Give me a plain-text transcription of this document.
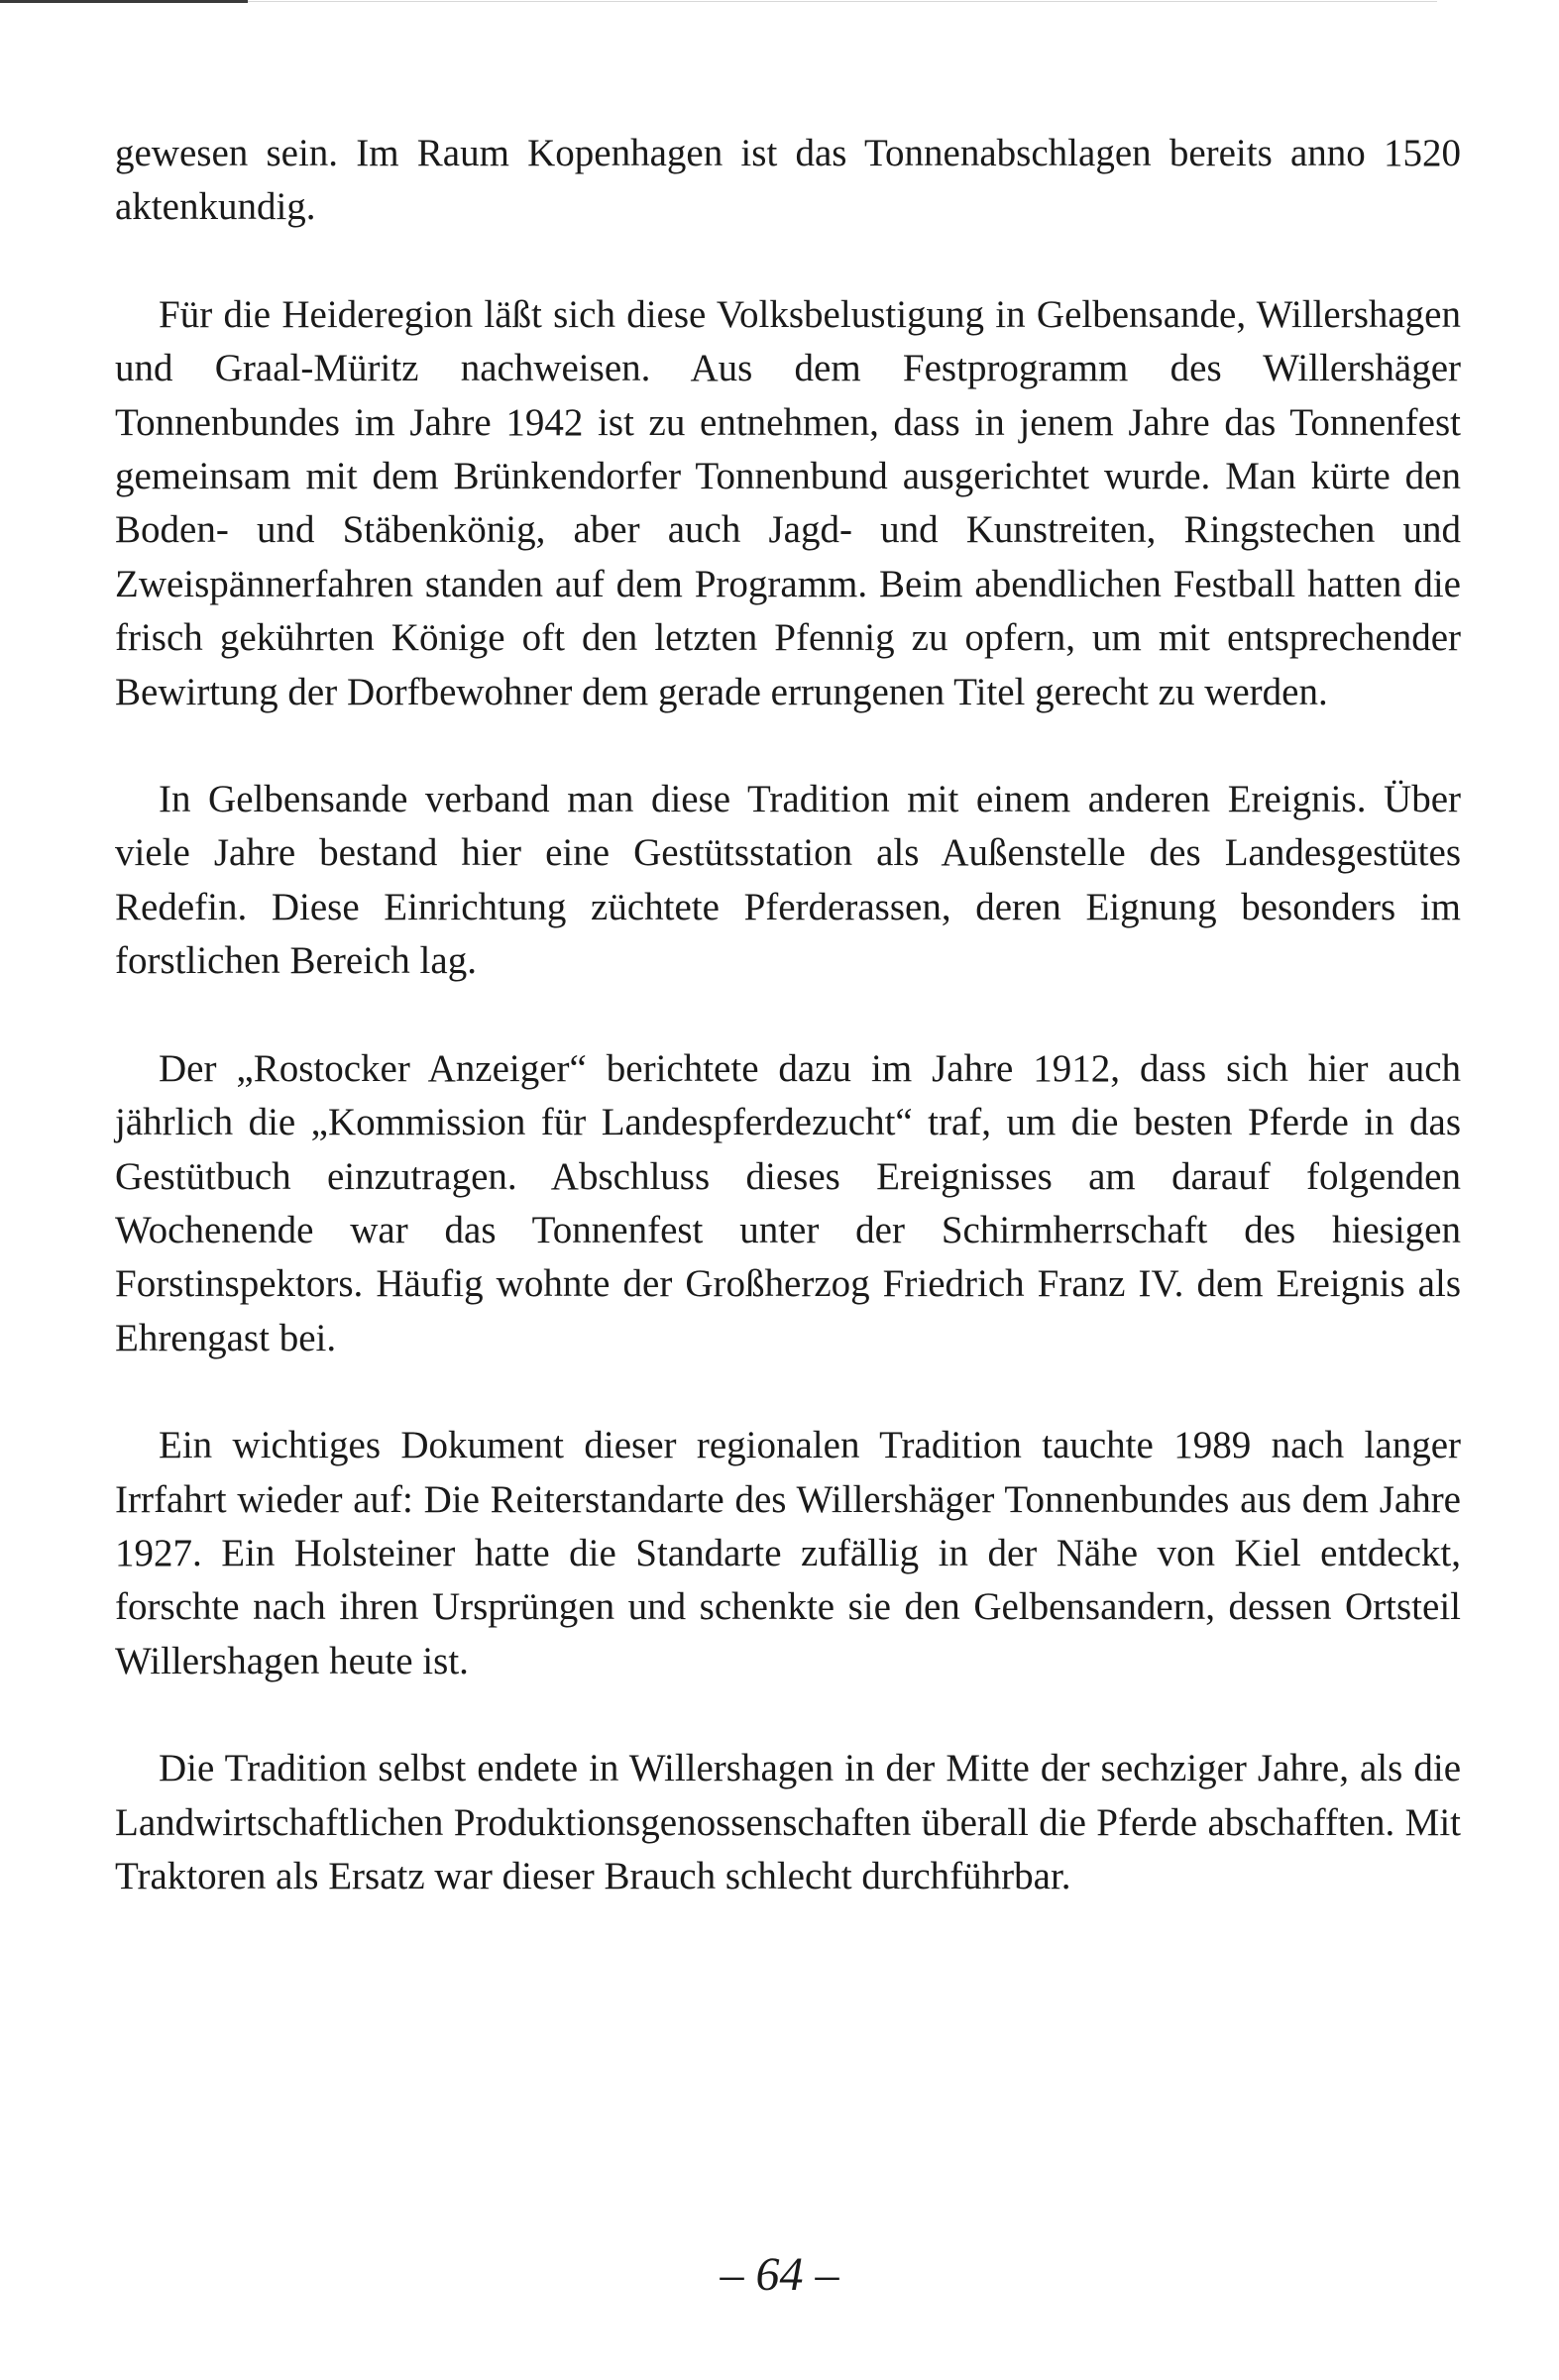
gewesen sein. Im Raum Kopenhagen ist das Tonnenabschlagen bereits anno 1520 aktenkundig.

Für die Heideregion läßt sich diese Volksbelustigung in Gelbensande, Willershagen und Graal-Müritz nachweisen. Aus dem Festprogramm des Willershäger Tonnenbundes im Jahre 1942 ist zu entnehmen, dass in jenem Jahre das Tonnenfest gemeinsam mit dem Brünkendorfer Tonnenbund ausgerichtet wurde. Man kürte den Boden- und Stäbenkönig, aber auch Jagd- und Kunstreiten, Ringstechen und Zweispännerfahren standen auf dem Programm. Beim abendlichen Festball hatten die frisch gekührten Könige oft den letzten Pfennig zu opfern, um mit entsprechender Bewirtung der Dorfbewohner dem gerade errungenen Titel gerecht zu werden.

In Gelbensande verband man diese Tradition mit einem anderen Ereignis. Über viele Jahre bestand hier eine Gestütsstation als Außenstelle des Landesgestütes Redefin. Diese Einrichtung züchtete Pferderassen, deren Eignung besonders im forstlichen Bereich lag.

Der „Rostocker Anzeiger“ berichtete dazu im Jahre 1912, dass sich hier auch jährlich die „Kommission für Landespferdezucht“ traf, um die besten Pferde in das Gestütbuch einzutragen. Abschluss dieses Ereignisses am darauf folgenden Wochenende war das Tonnenfest unter der Schirmherrschaft des hiesigen Forstinspektors. Häufig wohnte der Großherzog Friedrich Franz IV. dem Ereignis als Ehrengast bei.

Ein wichtiges Dokument dieser regionalen Tradition tauchte 1989 nach langer Irrfahrt wieder auf: Die Reiterstandarte des Willershäger Tonnenbundes aus dem Jahre 1927. Ein Holsteiner hatte die Standarte zufällig in der Nähe von Kiel entdeckt, forschte nach ihren Ursprüngen und schenkte sie den Gelbensandern, dessen Ortsteil Willershagen heute ist.

Die Tradition selbst endete in Willershagen in der Mitte der sechziger Jahre, als die Landwirtschaftlichen Produktionsgenossenschaften überall die Pferde abschafften. Mit Traktoren als Ersatz war dieser Brauch schlecht durchführbar.

– 64 –
